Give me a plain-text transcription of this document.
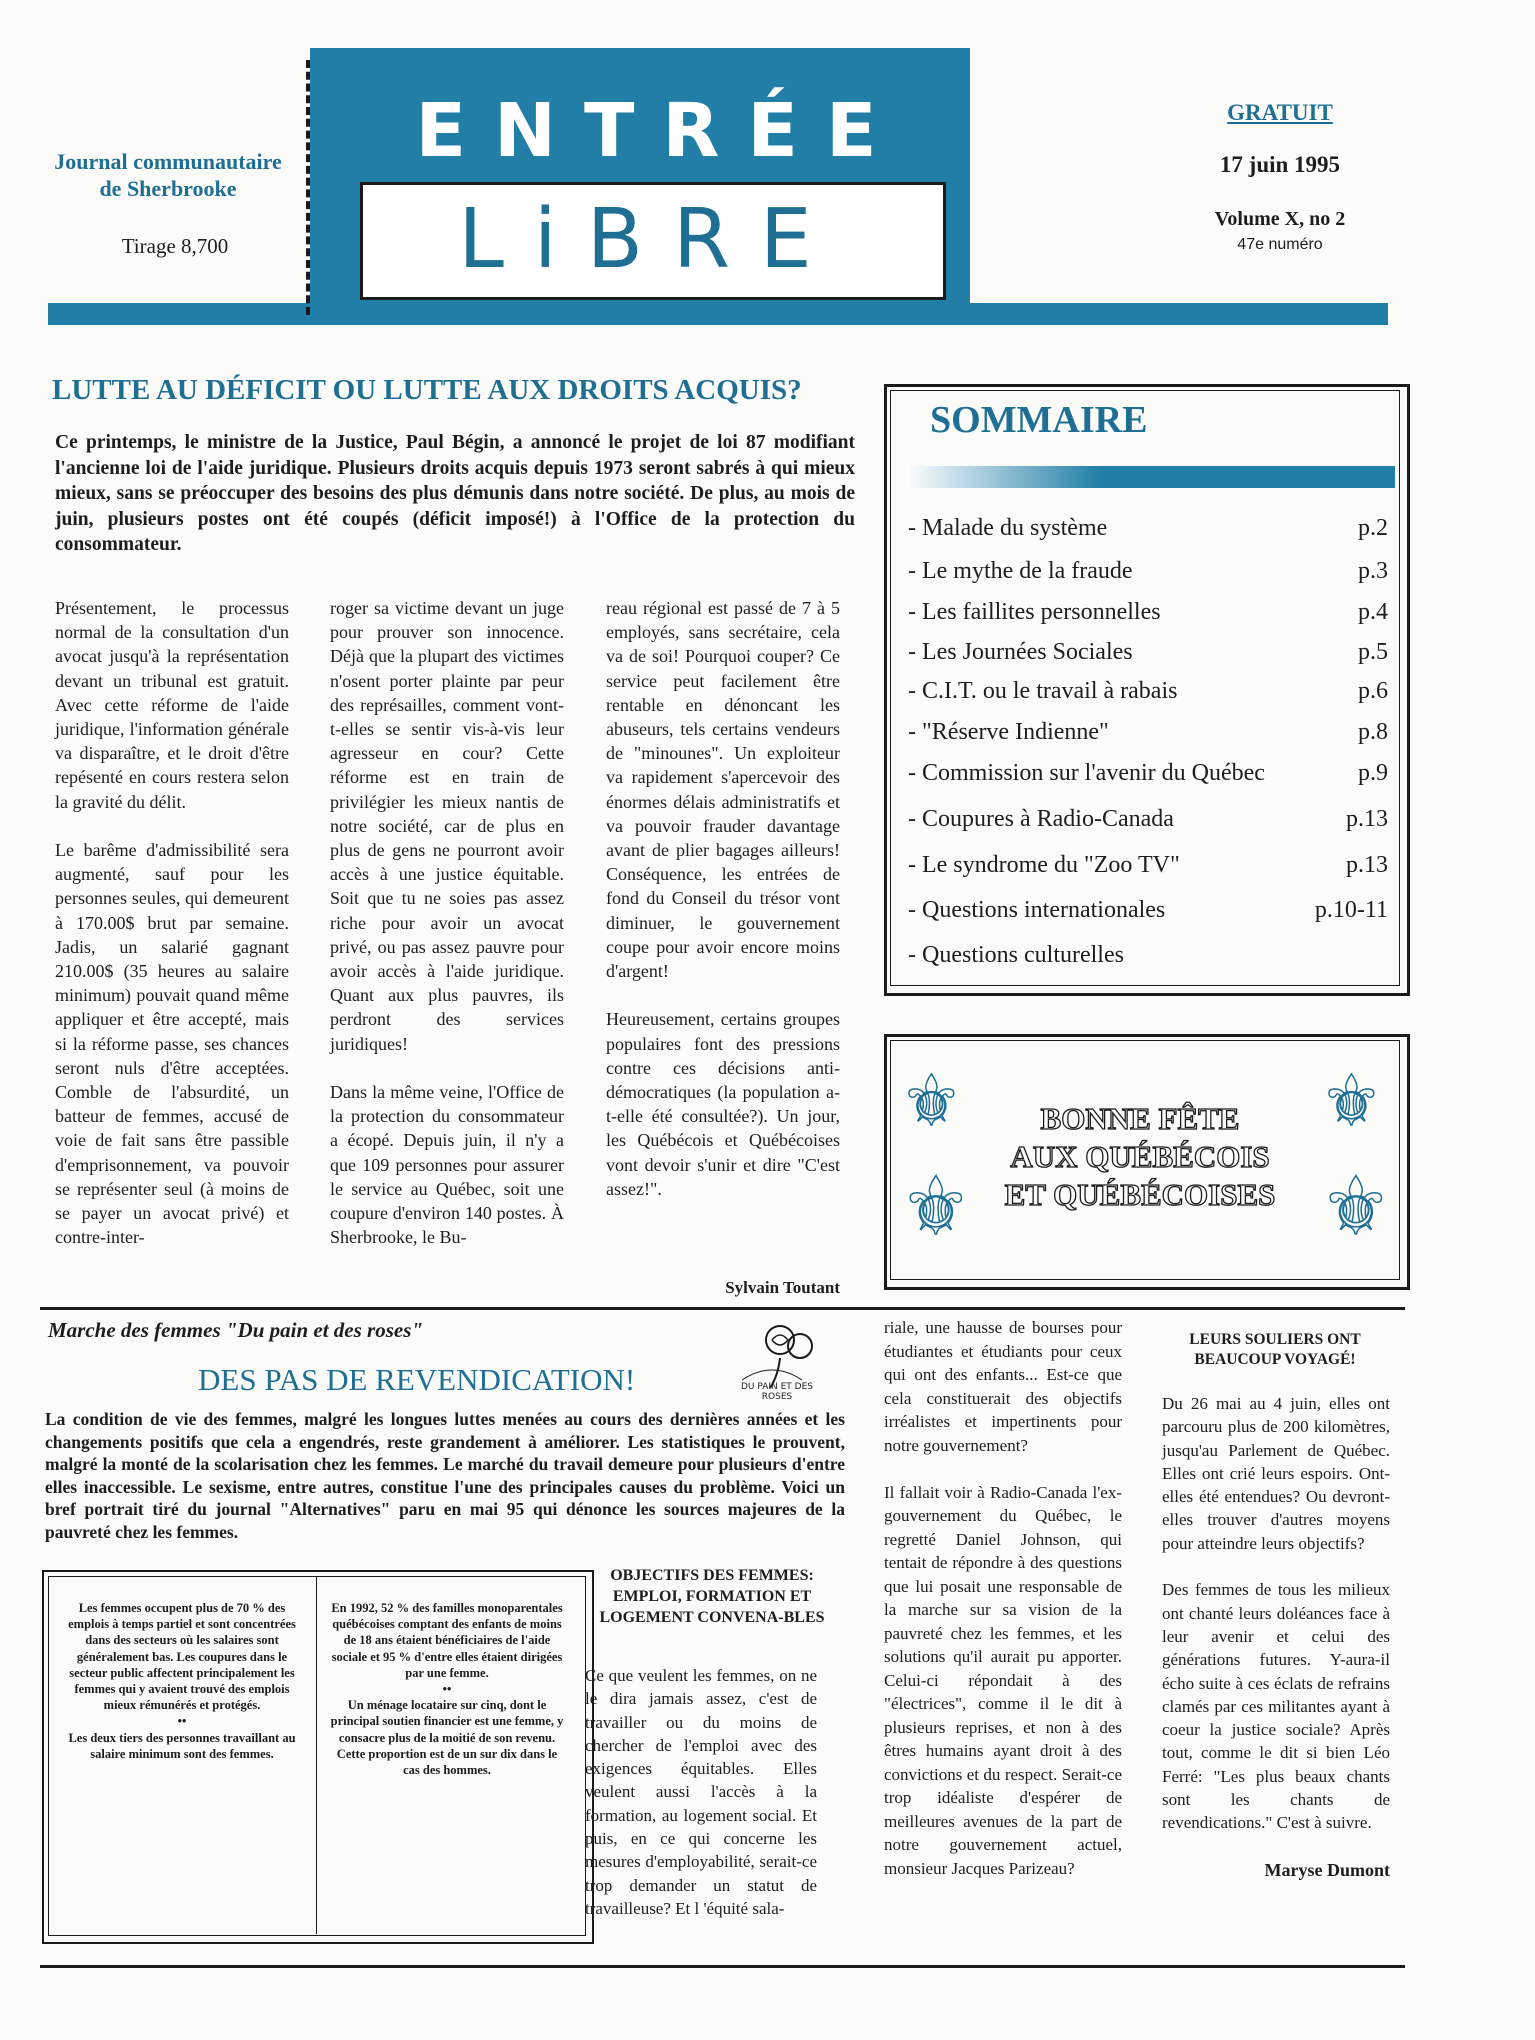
ENTRÉE
LiBRE
Journal communautaire
de Sherbrooke
Tirage 8,700
GRATUIT
17 juin 1995
Volume X, no 2
47e numéro
LUTTE AU DÉFICIT OU LUTTE AUX DROITS ACQUIS?
Ce printemps, le ministre de la Justice, Paul Bégin, a annoncé le projet de loi 87 modifiant l'ancienne loi de l'aide juridique. Plusieurs droits acquis depuis 1973 seront sabrés à qui mieux mieux, sans se préoccuper des besoins des plus démunis dans notre société. De plus, au mois de juin, plusieurs postes ont été coupés (déficit imposé!) à l'Office de la protection du consommateur.
Présentement, le processus normal de la consultation d'un avocat jusqu'à la représentation devant un tribunal est gratuit. Avec cette réforme de l'aide juridique, l'information générale va disparaître, et le droit d'être repésenté en cours restera selon la gravité du délit.

Le barême d'admissibilité sera augmenté, sauf pour les personnes seules, qui demeurent à 170.00$ brut par semaine. Jadis, un salarié gagnant 210.00$ (35 heures au salaire minimum) pouvait quand même appliquer et être accepté, mais si la réforme passe, ses chances seront nuls d'être acceptées. Comble de l'absurdité, un batteur de femmes, accusé de voie de fait sans être passible d'emprisonnement, va pouvoir se représenter seul (à moins de se payer un avocat privé) et contre-inter-
roger sa victime devant un juge pour prouver son innocence. Déjà que la plupart des victimes n'osent porter plainte par peur des représailles, comment vont-t-elles se sentir vis-à-vis leur agresseur en cour? Cette réforme est en train de privilégier les mieux nantis de notre société, car de plus en plus de gens ne pourront avoir accès à une justice équitable. Soit que tu ne soies pas assez riche pour avoir un avocat privé, ou pas assez pauvre pour avoir accès à l'aide juridique. Quant aux plus pauvres, ils perdront des services juridiques!

Dans la même veine, l'Office de la protection du consommateur a écopé. Depuis juin, il n'y a que 109 personnes pour assurer le service au Québec, soit une coupure d'environ 140 postes. À Sherbrooke, le Bu-
reau régional est passé de 7 à 5 employés, sans secrétaire, cela va de soi! Pourquoi couper? Ce service peut facilement être rentable en dénoncant les abuseurs, tels certains vendeurs de "minounes". Un exploiteur va rapidement s'apercevoir des énormes délais administratifs et va pouvoir frauder davantage avant de plier bagages ailleurs! Conséquence, les entrées de fond du Conseil du trésor vont diminuer, le gouvernement coupe pour avoir encore moins d'argent!

Heureusement, certains groupes populaires font des pressions contre ces décisions anti-démocratiques (la population a-t-elle été consultée?). Un jour, les Québécois et Québécoises vont devoir s'unir et dire "C'est assez!".
Sylvain Toutant
SOMMAIRE
- Malade du système	p.2
- Le mythe de la fraude	p.3
- Les faillites personnelles	p.4
- Les Journées Sociales	p.5
- C.I.T. ou le travail à rabais	p.6
- "Réserve Indienne"	p.8
- Commission sur l'avenir du Québec	p.9
- Coupures à Radio-Canada	p.13
- Le syndrome du "Zoo TV"	p.13
- Questions internationales	p.10-11
- Questions culturelles
⚜	⚜
⚜	⚜
BONNE FÊTE
AUX QUÉBÉCOIS
ET QUÉBÉCOISES
Marche des femmes "Du pain et des roses"
DES PAS DE REVENDICATION!	DU PAIN ET DES ROSES
La condition de vie des femmes, malgré les longues luttes menées au cours des dernières années et les changements positifs que cela a engendrés, reste grandement à améliorer. Les statistiques le prouvent, malgré la monté de la scolarisation chez les femmes. Le marché du travail demeure pour plusieurs d'entre elles inaccessible. Le sexisme, entre autres, constitue l'une des principales causes du problème. Voici un bref portrait tiré du journal "Alternatives" paru en mai 95 qui dénonce les sources majeures de la pauvreté chez les femmes.
Les femmes occupent plus de 70 % des emplois à temps partiel et sont concentrées dans des secteurs où les salaires sont généralement bas. Les coupures dans le secteur public affectent principalement les femmes qui y avaient trouvé des emplois mieux rémunérés et protégés.
••
Les deux tiers des personnes travaillant au salaire minimum sont des femmes.
En 1992, 52 % des familles monoparentales québécoises comptant des enfants de moins de 18 ans étaient bénéficiaires de l'aide sociale et 95 % d'entre elles étaient dirigées par une femme.
••
Un ménage locataire sur cinq, dont le principal soutien financier est une femme, y consacre plus de la moitié de son revenu. Cette proportion est de un sur dix dans le cas des hommes.
OBJECTIFS DES FEMMES: EMPLOI, FORMATION ET LOGEMENT CONVENA-BLES
Ce que veulent les femmes, on ne le dira jamais assez, c'est de travailler ou du moins de chercher de l'emploi avec des exigences équitables. Elles veulent aussi l'accès à la formation, au logement social. Et puis, en ce qui concerne les mesures d'employabilité, serait-ce trop demander un statut de travailleuse? Et l 'équité sala-
riale, une hausse de bourses pour étudiantes et étudiants pour ceux qui ont des enfants... Est-ce que cela constituerait des objectifs irréalistes et impertinents pour notre gouvernement?

Il fallait voir à Radio-Canada l'ex-gouvernement du Québec, le regretté Daniel Johnson, qui tentait de répondre à des questions que lui posait une responsable de la marche sur sa vision de la pauvreté chez les femmes, et les solutions qu'il aurait pu apporter. Celui-ci répondait à des "électrices", comme il le dit à plusieurs reprises, et non à des êtres humains ayant droit à des convictions et du respect. Serait-ce trop idéaliste d'espérer de meilleures avenues de la part de notre gouvernement actuel, monsieur Jacques Parizeau?
LEURS SOULIERS ONT BEAUCOUP VOYAGÉ!
Du 26 mai au 4 juin, elles ont parcouru plus de 200 kilomètres, jusqu'au Parlement de Québec. Elles ont crié leurs espoirs. Ont-elles été entendues? Ou devront-elles trouver d'autres moyens pour atteindre leurs objectifs?

Des femmes de tous les milieux ont chanté leurs doléances face à leur avenir et celui des générations futures. Y-aura-il écho suite à ces éclats de refrains clamés par ces militantes ayant à coeur la justice sociale? Après tout, comme le dit si bien Léo Ferré: "Les plus beaux chants sont les chants de revendications." C'est à suivre.
Maryse Dumont
